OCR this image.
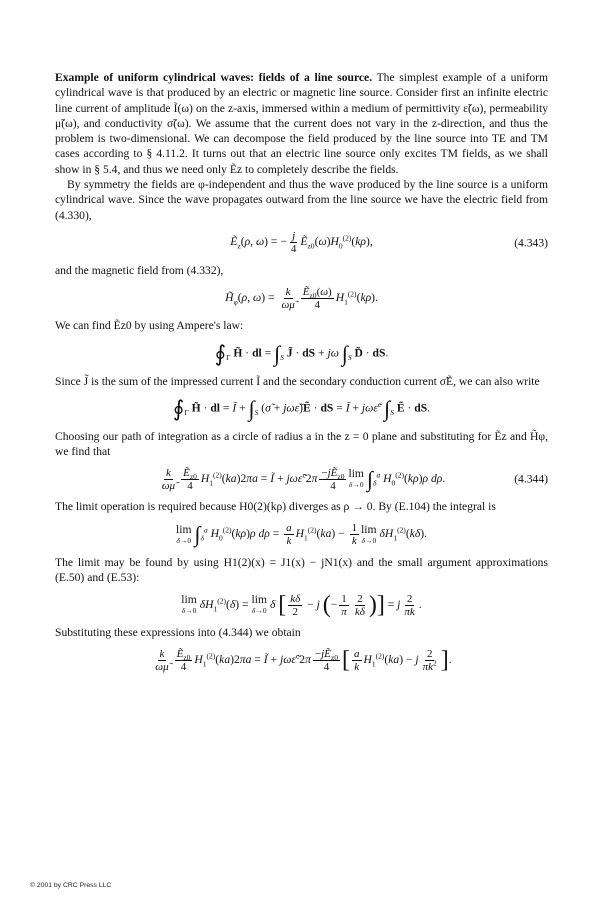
Example of uniform cylindrical waves: fields of a line source. The simplest example of a uniform cylindrical wave is that produced by an electric or magnetic line source. Consider first an infinite electric line current of amplitude Ĩ(ω) on the z-axis, immersed within a medium of permittivity ε̃(ω), permeability μ̃(ω), and conductivity σ̃(ω). We assume that the current does not vary in the z-direction, and thus the problem is two-dimensional. We can decompose the field produced by the line source into TE and TM cases according to § 4.11.2. It turns out that an electric line source only excites TM fields, as we shall show in § 5.4, and thus we need only Ẽz to completely describe the fields.

By symmetry the fields are φ-independent and thus the wave produced by the line source is a uniform cylindrical wave. Since the wave propagates outward from the line source we have the electric field from (4.330),

Ẽ$_z$(ρ, ω) = − $\frac{j}{4}$ $Ẽ_{z0}(\omega)H_0^{(2)}(k\rho)$,	(4.343)

and the magnetic field from (4.332),

$H̃_\varphi(\rho$, $\omega) = \frac{k}{\omega\mũ} \frac{Ẽ_{z0}(\omega)}{4} H_1^{(2)}(k\rho)$.

We can find Ẽz0 by using Ampere's law:

$∮_\Gamma$ H̃ · dl = $\int_S$ J̃ · dS + jω $\int_S$ D̃ · dS.

Since J̃ is the sum of the impressed current Ĩ and the secondary conduction current σ̃Ẽ, we can also write

$∮_\Gamma$ H̃ · dl = Ĩ + $\int_S$ (σ̃ + jωε̃)Ẽ · dS = Ĩ + jωε̃$^c$ $\int_S$ Ẽ · dS.

Choosing our path of integration as a circle of radius a in the z = 0 plane and substituting for Ẽz and H̃φ, we find that

$\frac{k}{\omega\mũ} \frac{Ẽ_{z0}}{4} H_1^{(2)}(ka)2\pi a$ = Ĩ + jωε̃$^c$2π $\frac{-jẼ_{z0}}{4}$ lim
δ→0 $\int_\delta^a$ $H_0^{(2)}(k\rho)\rho$ dρ.	(4.344)

The limit operation is required because H0(2)(kρ) diverges as ρ → 0. By (E.104) the integral is

lim
δ→0 $\int_\delta^a$ $H_0^{(2)}(k\rho)\rho$ $d\rho = \frac{a}{k} H_1^{(2)}(ka) - \frac{1}{k}$ lim
δ→0 $\delta H_1^{(2)}(k\delta)$.

The limit may be found by using H1(2)(x) = J1(x) − jN1(x) and the small argument approximations (E.50) and (E.53):

lim
δ→0 $\delta H_1^{(2)}(\delta) = \lim$
δ→0 δ [ $\frac{k\delta}{2} - j$ (− $\frac{1}{\pi} \frac{2}{k\delta}$ )] = j $\frac{2}{\pi k}$ .

Substituting these expressions into (4.344) we obtain

$\frac{k}{\omega\mũ} \frac{Ẽ_{z0}}{4} H_1^{(2)}(ka)2\pi a$ = Ĩ + jωε̃$^c$2π $\frac{-jẼ_{z0}}{4}$ [ $\frac{a}{k} H_1^{(2)}(ka) - j \frac{2}{\pi k^2}$ ].
© 2001 by CRC Press LLC
